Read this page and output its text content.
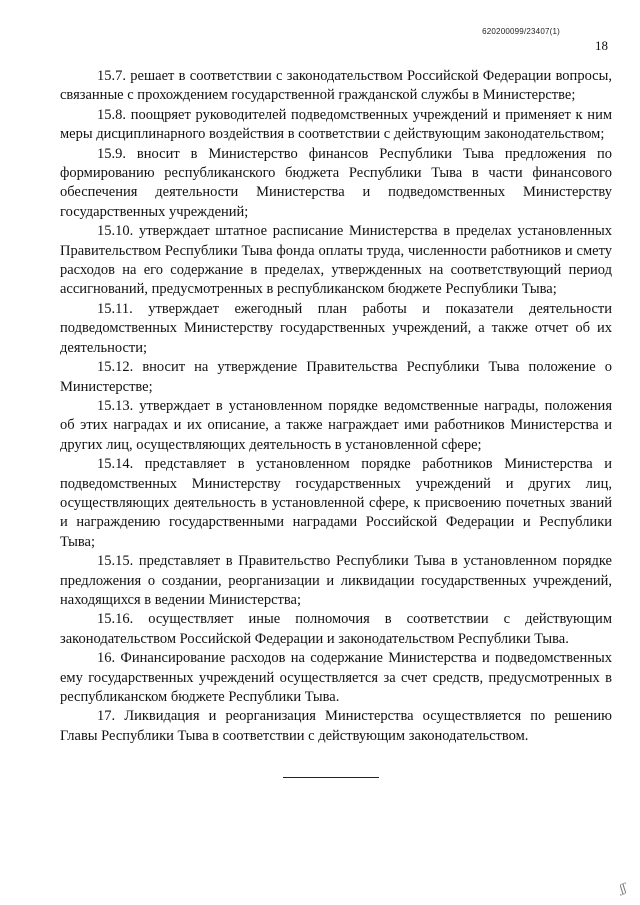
620200099/23407(1)
18

15.7. решает в соответствии с законодательством Российской Федерации вопросы, связанные с прохождением государственной гражданской службы в Министерстве;

15.8. поощряет руководителей подведомственных учреждений и применяет к ним меры дисциплинарного воздействия в соответствии с действующим законодательством;

15.9. вносит в Министерство финансов Республики Тыва предложения по формированию республиканского бюджета Республики Тыва в части финансового обеспечения деятельности Министерства и подведомственных Министерству государственных учреждений;

15.10. утверждает штатное расписание Министерства в пределах установленных Правительством Республики Тыва фонда оплаты труда, численности работников и смету расходов на его содержание в пределах, утвержденных на соответствующий период ассигнований, предусмотренных в республиканском бюджете Республики Тыва;

15.11. утверждает ежегодный план работы и показатели деятельности подведомственных Министерству государственных учреждений, а также отчет об их деятельности;

15.12. вносит на утверждение Правительства Республики Тыва положение о Министерстве;

15.13. утверждает в установленном порядке ведомственные награды, положения об этих наградах и их описание, а также награждает ими работников Министерства и других лиц, осуществляющих деятельность в установленной сфере;

15.14. представляет в установленном порядке работников Министерства и подведомственных Министерству государственных учреждений и других лиц, осуществляющих деятельность в установленной сфере, к присвоению почетных званий и награждению государственными наградами Российской Федерации и Республики Тыва;

15.15. представляет в Правительство Республики Тыва в установленном порядке предложения о создании, реорганизации и ликвидации государственных учреждений, находящихся в ведении Министерства;

15.16. осуществляет иные полномочия в соответствии с действующим законодательством Российской Федерации и законодательством Республики Тыва.

16. Финансирование расходов на содержание Министерства и подведомственных ему государственных учреждений осуществляется за счет средств, предусмотренных в республиканском бюджете Республики Тыва.

17. Ликвидация и реорганизация Министерства осуществляется по решению Главы Республики Тыва в соответствии с действующим законодательством.

ʃʃ
